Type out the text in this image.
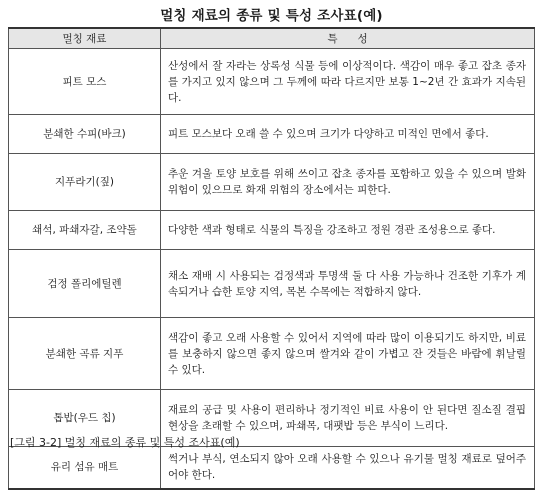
멀칭 재료의 종류 및 특성 조사표(예)
멀칭 재료	특      성
피트 모스	산성에서 잘 자라는 상록성 식물 등에 이상적이다. 색감이 매우 좋고 잡초 종자를 가지고 있지 않으며 그 두께에 따라 다르지만 보통 1~2년 간 효과가 지속된다.
분쇄한 수피(바크)	피트 모스보다 오래 쓸 수 있으며 크기가 다양하고 미적인 면에서 좋다.
지푸라기(짚)	추운 겨울 토양 보호를 위해 쓰이고 잡초 종자를 포함하고 있을 수 있으며 발화 위험이 있으므로 화재 위험의 장소에서는 피한다.
쇄석, 파쇄자갈, 조약돌	다양한 색과 형태로 식물의 특징을 강조하고 정원 경관 조성용으로 좋다.
검정 폴리에틸렌	채소 재배 시 사용되는 검정색과 투명색 둘 다 사용 가능하나 건조한 기후가 계속되거나 습한 토양 지역, 목본 수목에는 적합하지 않다.
분쇄한 곡류 지푸	색감이 좋고 오래 사용할 수 있어서 지역에 따라 많이 이용되기도 하지만, 비료를 보충하지 않으면 좋지 않으며 쌀겨와 같이 가볍고 잔 것들은 바람에 휘날릴 수 있다.
톱밥(우드 칩)	재료의 공급 및 사용이 편리하나 정기적인 비료 사용이 안 된다면 질소질 결핍 현상을 초래할 수 있으며, 파쇄목, 대팻밥 등은 부식이 느리다.
유리 섬유 매트	썩거나 부식, 연소되지 않아 오래 사용할 수 있으나 유기물 멀칭 재료로 덮어주어야 한다.
[그림 3-2] 멀칭 재료의 종류 및 특성 조사표(예)
